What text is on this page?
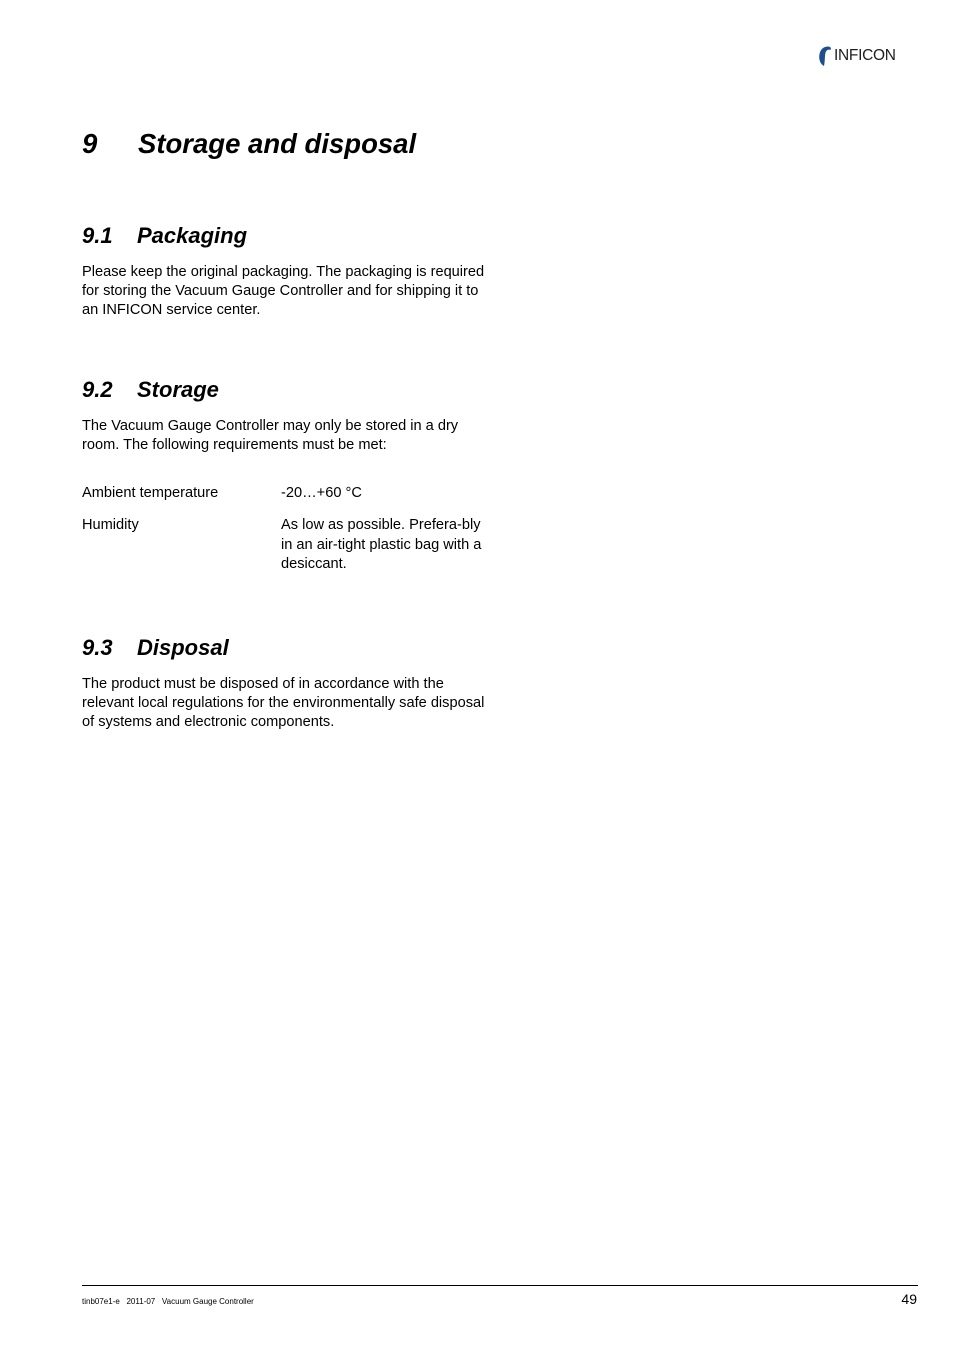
INFICON
9 Storage and disposal
9.1 Packaging

Please keep the original packaging. The packaging is required for storing the Vacuum Gauge Controller and for shipping it to an INFICON service center.

9.2 Storage

The Vacuum Gauge Controller may only be stored in a dry room. The following requirements must be met:

Ambient temperature	-20…+60 °C
Humidity	As low as possible. Prefera-bly in an air-tight plastic bag with a desiccant.
9.3 Disposal

The product must be disposed of in accordance with the relevant local regulations for the environmentally safe disposal of systems and electronic components.

tinb07e1-e 2011-07 Vacuum Gauge Controller	49
